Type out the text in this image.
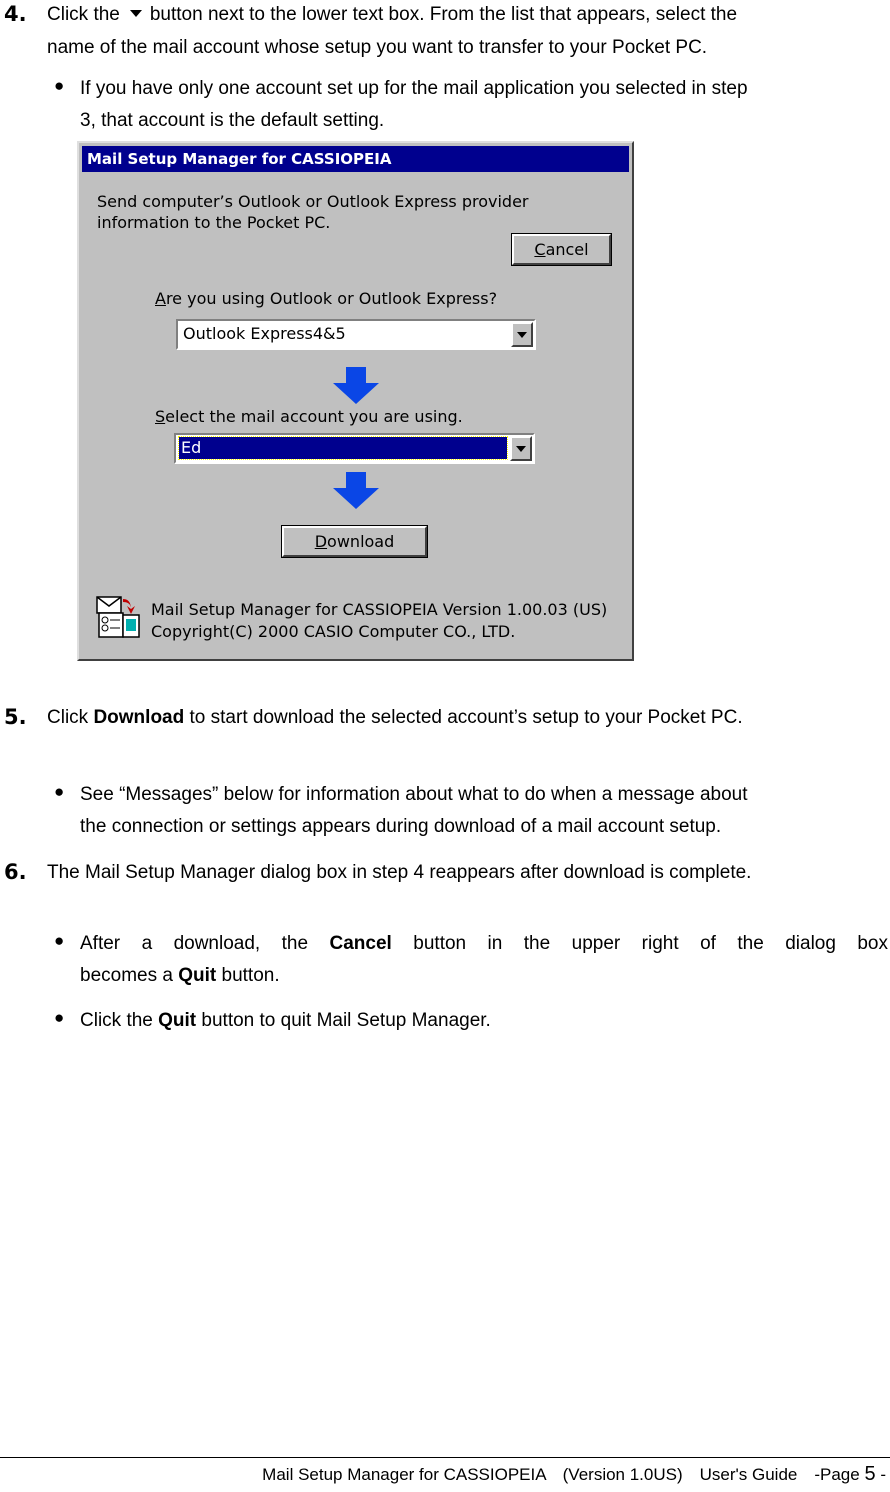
4. Click the button next to the lower text box. From the list that appears, select the
name of the mail account whose setup you want to transfer to your Pocket PC.
● If you have only one account set up for the mail application you selected in step
3, that account is the default setting.
Mail Setup Manager for CASSIOPEIA
Send computer’s Outlook or Outlook Express provider
information to the Pocket PC.
Cancel
Are you using Outlook or Outlook Express?
Outlook Express4&5
Select the mail account you are using.
Ed
Download
Mail Setup Manager for CASSIOPEIA Version 1.00.03 (US)
Copyright(C) 2000 CASIO Computer CO., LTD.
5. Click Download to start download the selected account’s setup to your Pocket PC.
● See “Messages” below for information about what to do when a message about
the connection or settings appears during download of a mail account setup.
6. The Mail Setup Manager dialog box in step 4 reappears after download is complete.
● After a download, the Cancel button in the upper right of the dialog box
becomes a Quit button.
● Click the Quit button to quit Mail Setup Manager.
Mail Setup Manager for CASSIOPEIA　(Version 1.0US)　User's Guide　-Page 5 -
